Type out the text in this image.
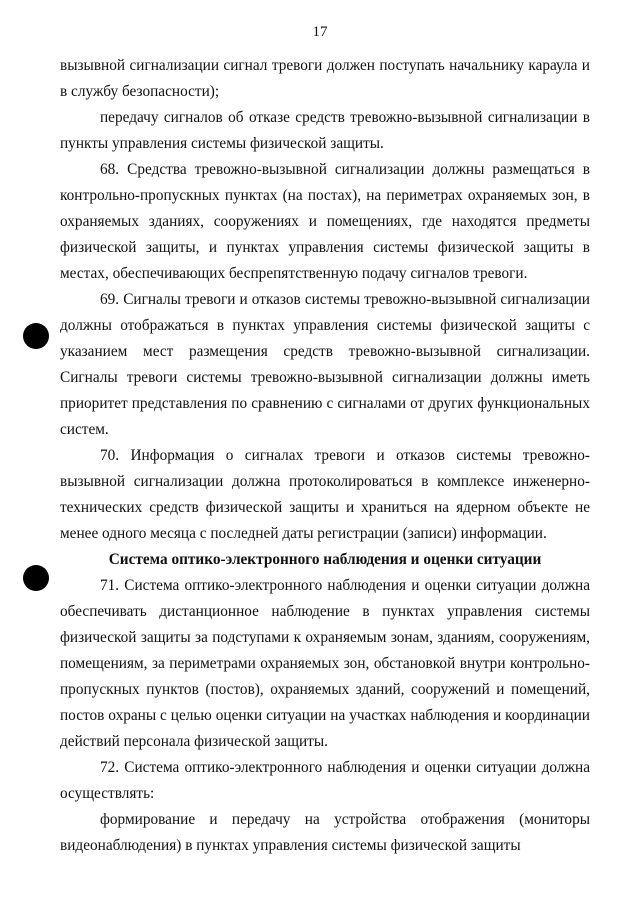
17

вызывной сигнализации сигнал тревоги должен поступать начальнику караула и в службу безопасности);

передачу сигналов об отказе средств тревожно-вызывной сигнализации в пункты управления системы физической защиты.

68. Средства тревожно-вызывной сигнализации должны размещаться в контрольно-пропускных пунктах (на постах), на периметрах охраняемых зон, в охраняемых зданиях, сооружениях и помещениях, где находятся предметы физической защиты, и пунктах управления системы физической защиты в местах, обеспечивающих беспрепятственную подачу сигналов тревоги.

69. Сигналы тревоги и отказов системы тревожно-вызывной сигнализации должны отображаться в пунктах управления системы физической защиты с указанием мест размещения средств тревожно-вызывной сигнализации. Сигналы тревоги системы тревожно-вызывной сигнализации должны иметь приоритет представления по сравнению с сигналами от других функциональных систем.

70. Информация о сигналах тревоги и отказов системы тревожно-вызывной сигнализации должна протоколироваться в комплексе инженерно-технических средств физической защиты и храниться на ядерном объекте не менее одного месяца с последней даты регистрации (записи) информации.

Система оптико-электронного наблюдения и оценки ситуации

71. Система оптико-электронного наблюдения и оценки ситуации должна обеспечивать дистанционное наблюдение в пунктах управления системы физической защиты за подступами к охраняемым зонам, зданиям, сооружениям, помещениям, за периметрами охраняемых зон, обстановкой внутри контрольно-пропускных пунктов (постов), охраняемых зданий, сооружений и помещений, постов охраны с целью оценки ситуации на участках наблюдения и координации действий персонала физической защиты.

72. Система оптико-электронного наблюдения и оценки ситуации должна осуществлять:

формирование и передачу на устройства отображения (мониторы видеонаблюдения) в пунктах управления системы физической защиты
